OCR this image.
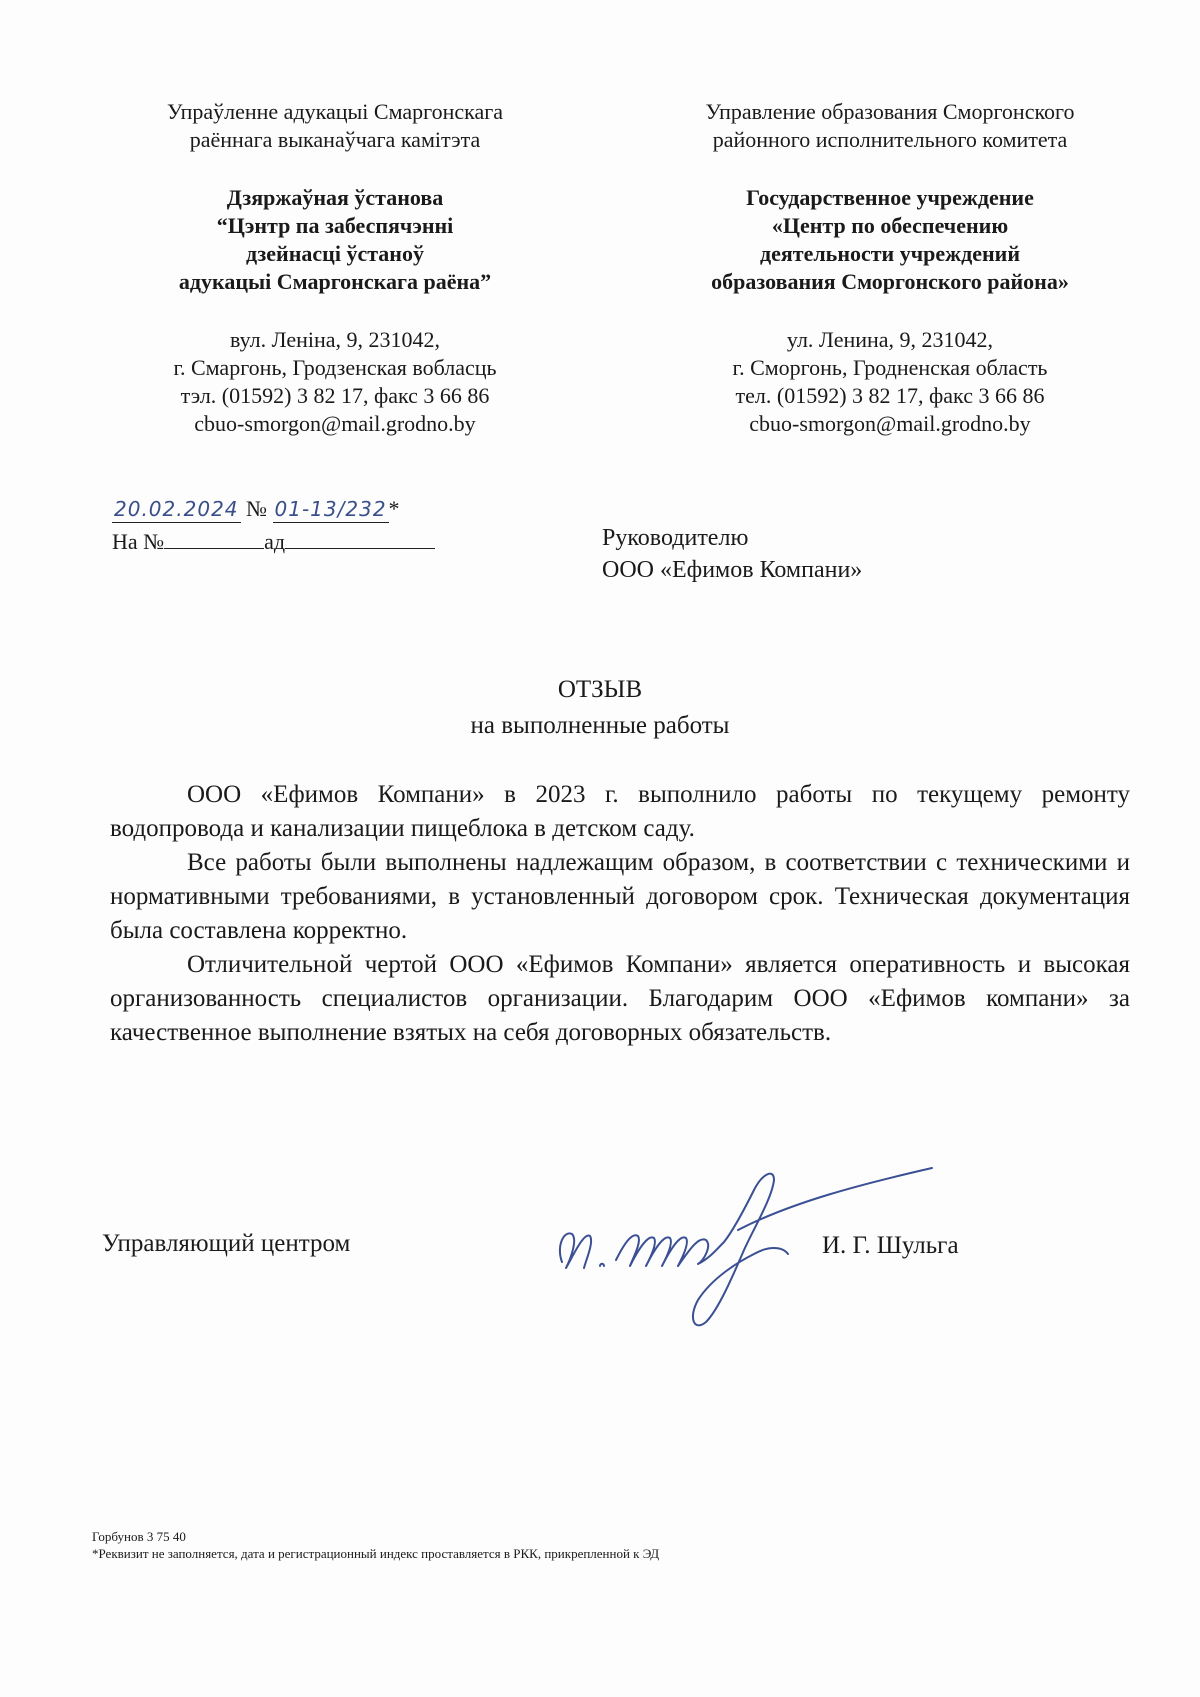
Упраўленне адукацыі Смаргонскага
раённага выканаўчага камітэта
Дзяржаўная ўстанова
“Цэнтр па забеспячэнні
дзейнасці ўстаноў
адукацыі Смаргонскага раёна”
вул. Леніна, 9, 231042,
г. Смаргонь, Гродзенская вобласць
тэл. (01592) 3 82 17, факс 3 66 86
cbuo-smorgon@mail.grodno.by
Управление образования Сморгонского
районного исполнительного комитета
Государственное учреждение
«Центр по обеспечению
деятельности учреждений
образования Сморгонского района»
ул. Ленина, 9, 231042,
г. Сморгонь, Гродненская область
тел. (01592) 3 82 17, факс 3 66 86
cbuo-smorgon@mail.grodno.by
20.02.2024 № 01-13/232*
На №	ад	Руководителю
ООО «Ефимов Компани»
ОТЗЫВ
на выполненные работы

ООО «Ефимов Компани» в 2023 г. выполнило работы по текущему ремонту водопровода и канализации пищеблока в детском саду.

Все работы были выполнены надлежащим образом, в соответствии с техническими и нормативными требованиями, в установленный договором срок. Техническая документация была составлена корректно.

Отличительной чертой ООО «Ефимов Компани» является оперативность и высокая организованность специалистов организации. Благодарим ООО «Ефимов компани» за качественное выполнение взятых на себя договорных обязательств.

Управляющий центром	И. Г. Шульга
Горбунов 3 75 40
*Реквизит не заполняется, дата и регистрационный индекс проставляется в РКК, прикрепленной к ЭД
